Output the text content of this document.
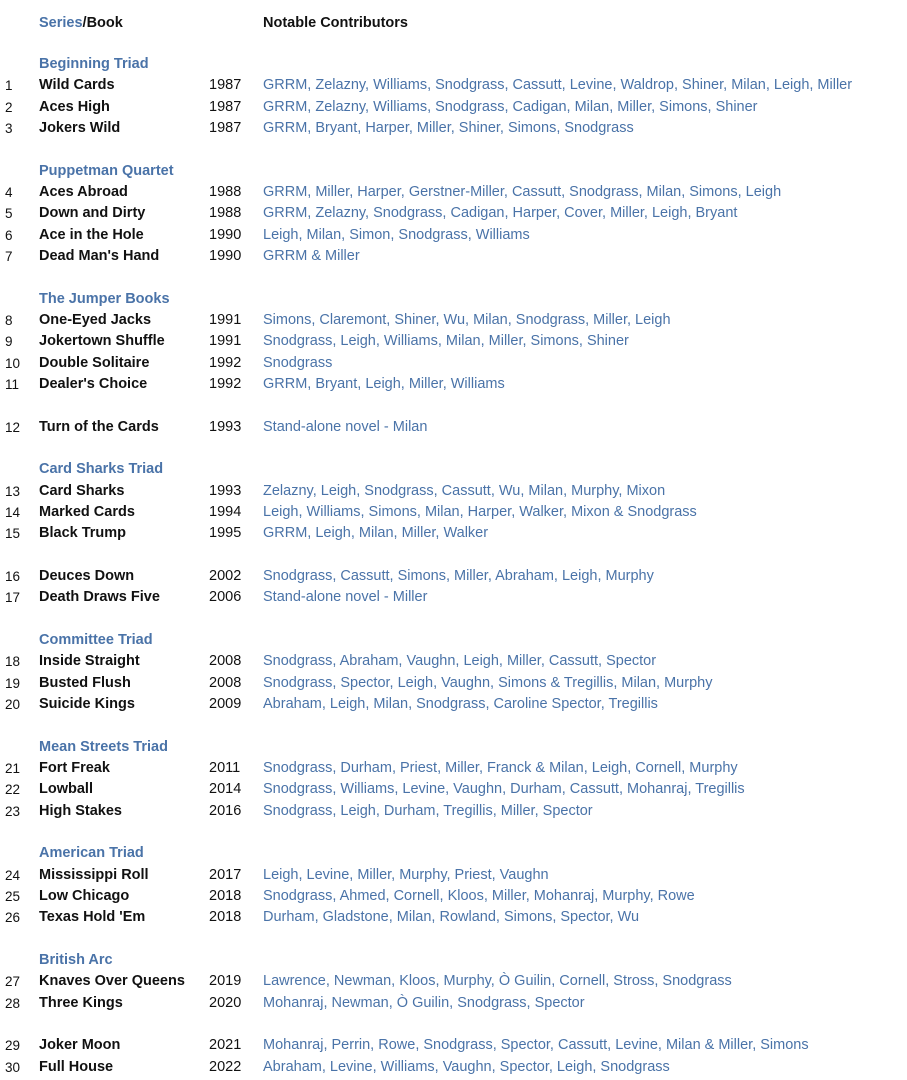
Series/Book	Notable Contributors
Beginning Triad
1 Wild Cards	1987 GRRM, Zelazny, Williams, Snodgrass, Cassutt, Levine, Waldrop, Shiner, Milan, Leigh, Miller
2 Aces High	1987 GRRM, Zelazny, Williams, Snodgrass, Cadigan, Milan, Miller, Simons, Shiner
3 Jokers Wild	1987 GRRM, Bryant, Harper, Miller, Shiner, Simons, Snodgrass
Puppetman Quartet
4 Aces Abroad	1988 GRRM, Miller, Harper, Gerstner-Miller, Cassutt, Snodgrass, Milan, Simons, Leigh
5 Down and Dirty	1988 GRRM, Zelazny, Snodgrass, Cadigan, Harper, Cover, Miller, Leigh, Bryant
6 Ace in the Hole	1990 Leigh, Milan, Simon, Snodgrass, Williams
7 Dead Man's Hand	1990 GRRM & Miller
The Jumper Books
8 One-Eyed Jacks	1991 Simons, Claremont, Shiner, Wu, Milan, Snodgrass, Miller, Leigh
9 Jokertown Shuffle	1991 Snodgrass, Leigh, Williams, Milan, Miller, Simons, Shiner
10 Double Solitaire	1992 Snodgrass
11 Dealer's Choice	1992 GRRM, Bryant, Leigh, Miller, Williams
12 Turn of the Cards	1993 Stand-alone novel - Milan
Card Sharks Triad
13 Card Sharks	1993 Zelazny, Leigh, Snodgrass, Cassutt, Wu, Milan, Murphy, Mixon
14 Marked Cards	1994 Leigh, Williams, Simons, Milan, Harper, Walker, Mixon & Snodgrass
15 Black Trump	1995 GRRM, Leigh, Milan, Miller, Walker
16 Deuces Down	2002 Snodgrass, Cassutt, Simons, Miller, Abraham, Leigh, Murphy
17 Death Draws Five	2006 Stand-alone novel - Miller
Committee Triad
18 Inside Straight	2008 Snodgrass, Abraham, Vaughn, Leigh, Miller, Cassutt, Spector
19 Busted Flush	2008 Snodgrass, Spector, Leigh, Vaughn, Simons & Tregillis, Milan, Murphy
20 Suicide Kings	2009 Abraham, Leigh, Milan, Snodgrass, Caroline Spector, Tregillis
Mean Streets Triad
21 Fort Freak	2011 Snodgrass, Durham, Priest, Miller, Franck & Milan, Leigh, Cornell, Murphy
22 Lowball	2014 Snodgrass, Williams, Levine, Vaughn, Durham, Cassutt, Mohanraj, Tregillis
23 High Stakes	2016 Snodgrass, Leigh, Durham, Tregillis, Miller, Spector
American Triad
24 Mississippi Roll	2017 Leigh, Levine, Miller, Murphy, Priest, Vaughn
25 Low Chicago	2018 Snodgrass, Ahmed, Cornell, Kloos, Miller, Mohanraj, Murphy, Rowe
26 Texas Hold 'Em	2018 Durham, Gladstone, Milan, Rowland, Simons, Spector, Wu
British Arc
27 Knaves Over Queens 2019 Lawrence, Newman, Kloos, Murphy, Ò Guilin, Cornell, Stross, Snodgrass
28 Three Kings	2020 Mohanraj, Newman, Ò Guilin, Snodgrass, Spector
29 Joker Moon	2021 Mohanraj, Perrin, Rowe, Snodgrass, Spector, Cassutt, Levine, Milan & Miller, Simons
30 Full House	2022 Abraham, Levine, Williams, Vaughn, Spector, Leigh, Snodgrass
